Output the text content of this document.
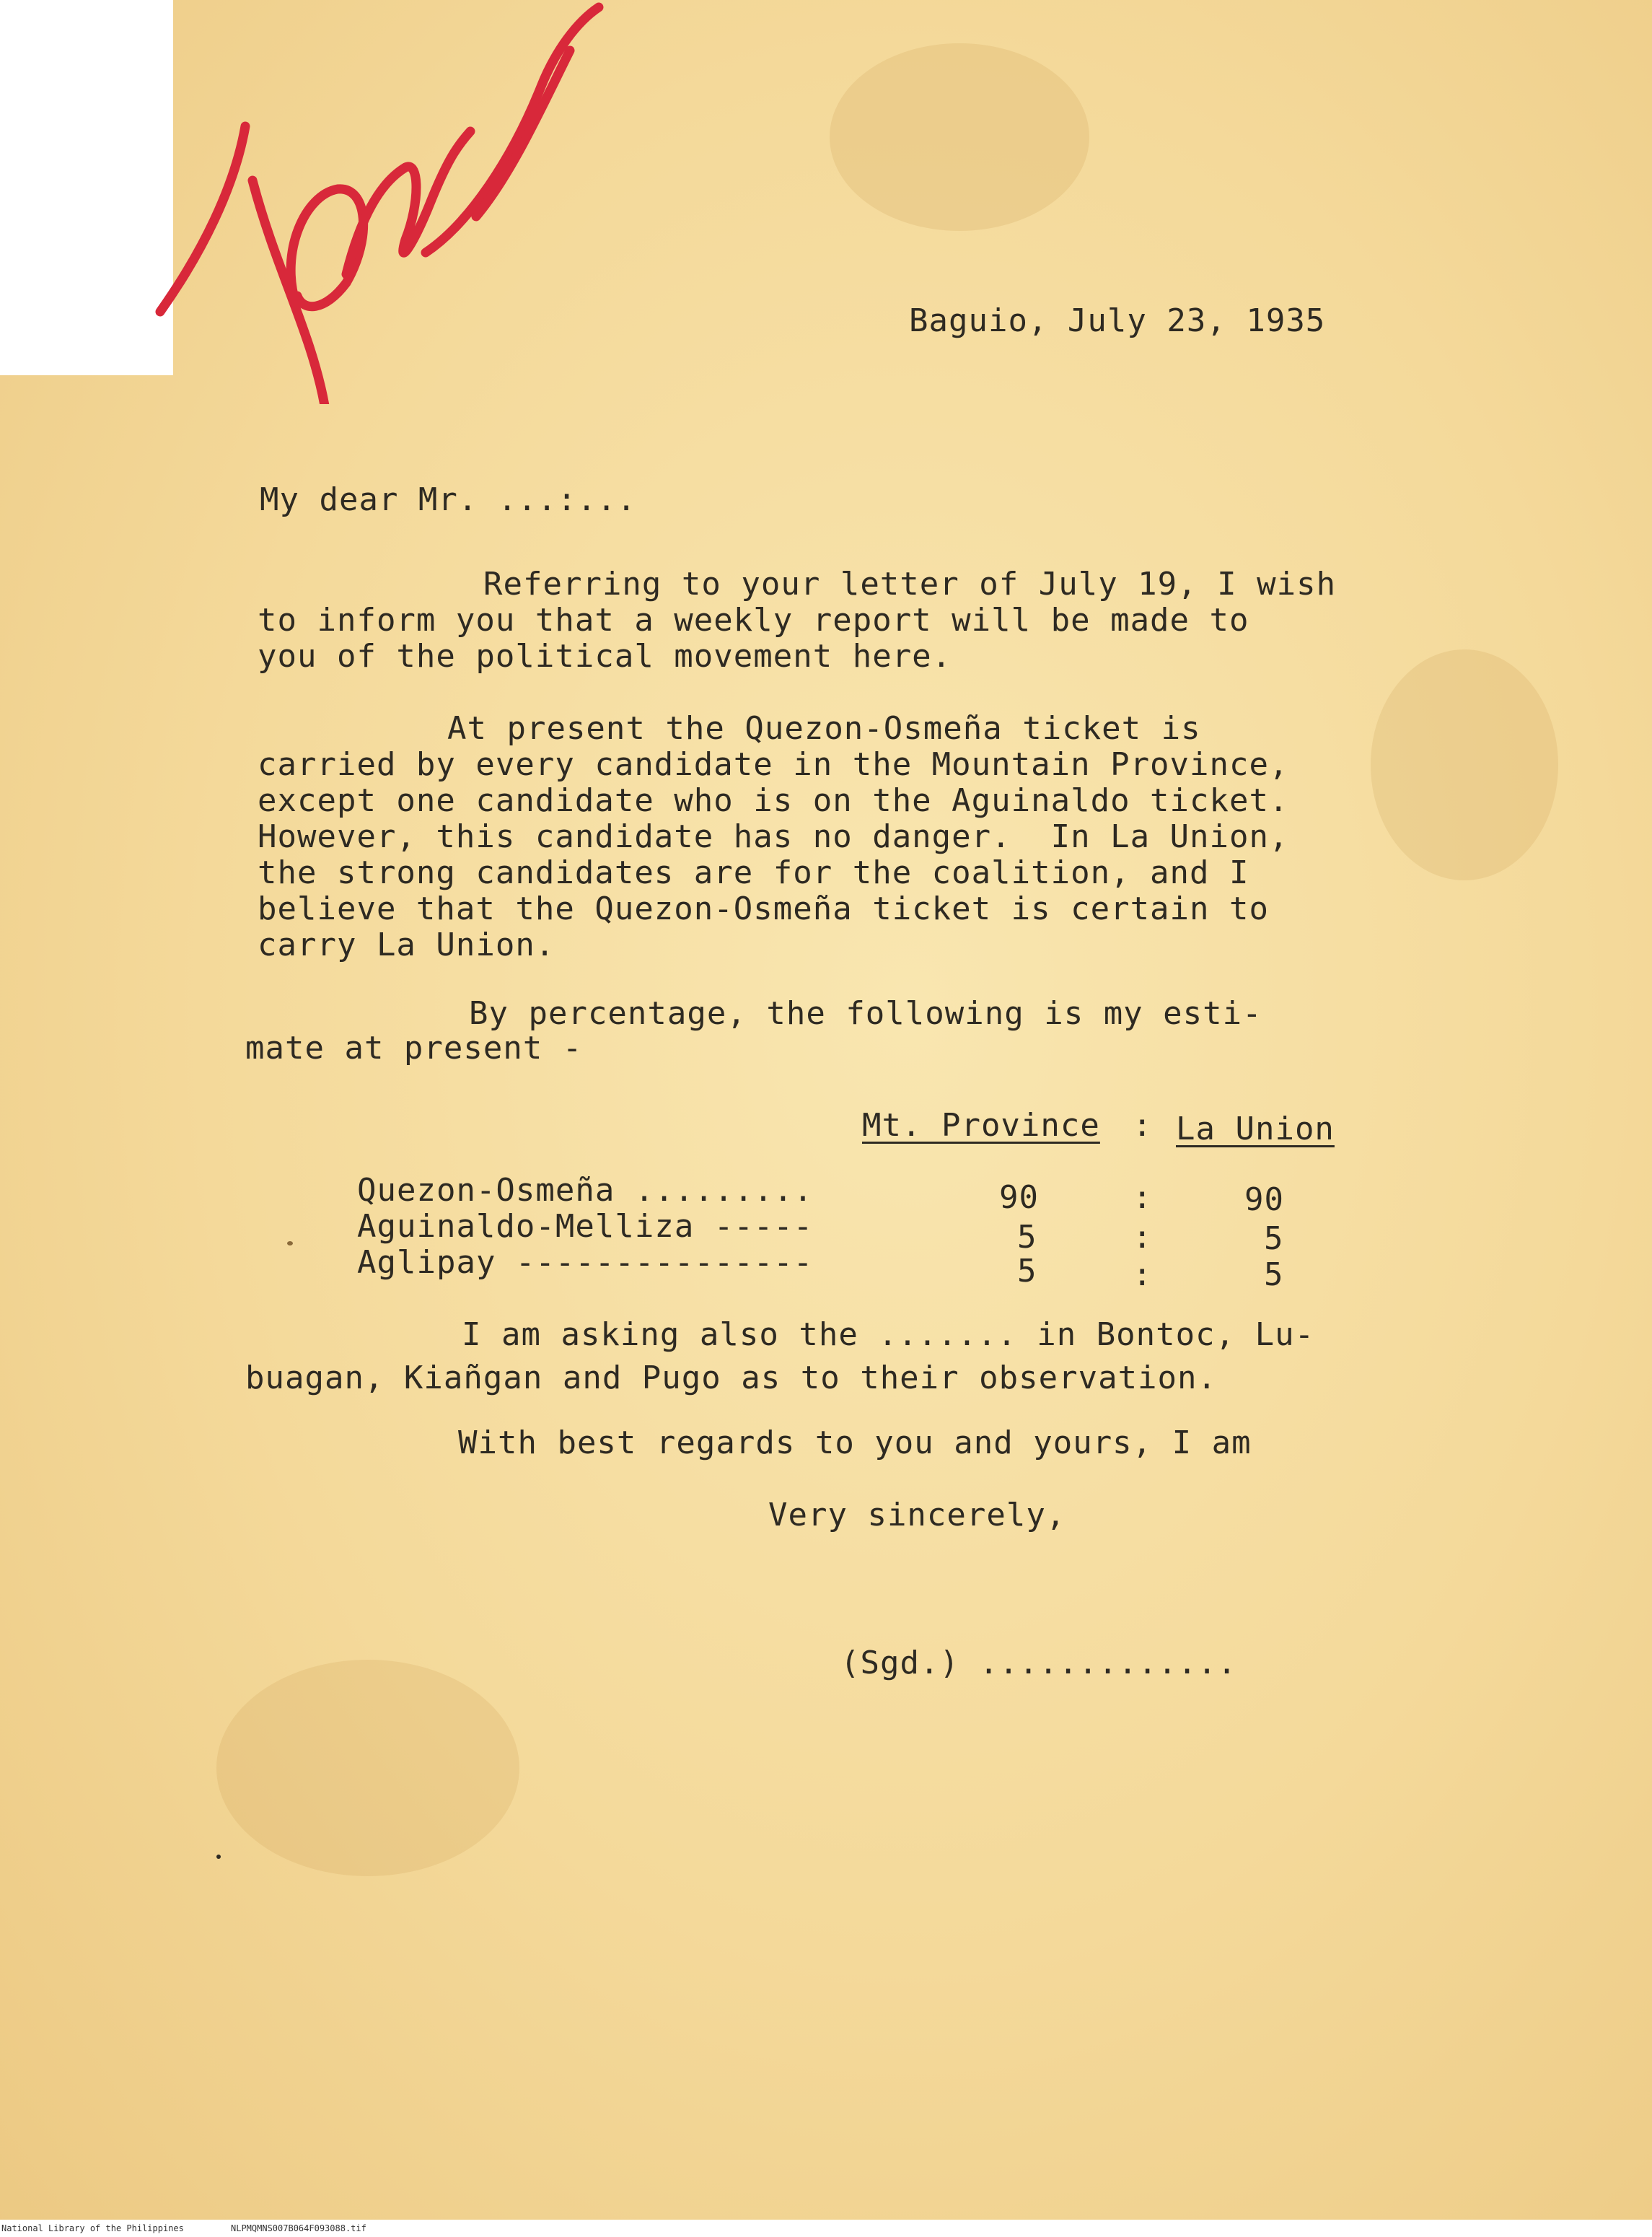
Baguio, July 23, 1935
My dear Mr. ...:...
Referring to your letter of July 19, I wish
to inform you that a weekly report will be made to
you of the political movement here.
At present the Quezon-Osmeña ticket is
carried by every candidate in the Mountain Province,
except one candidate who is on the Aguinaldo ticket.
However, this candidate has no danger.  In La Union,
the strong candidates are for the coalition, and I
believe that the Quezon-Osmeña ticket is certain to
carry La Union.
By percentage, the following is my esti-
mate at present -
Mt. Province : La Union
Quezon-Osmeña .........	90	:	90
Aguinaldo-Melliza -----	5	:	5
Aglipay ---------------	5	:	5
I am asking also the ....... in Bontoc, Lu-
buagan, Kiañgan and Pugo as to their observation.
With best regards to you and yours, I am
Very sincerely,
(Sgd.) .............
National Library of the Philippines	NLPMQMNS007B064F093088.tif
